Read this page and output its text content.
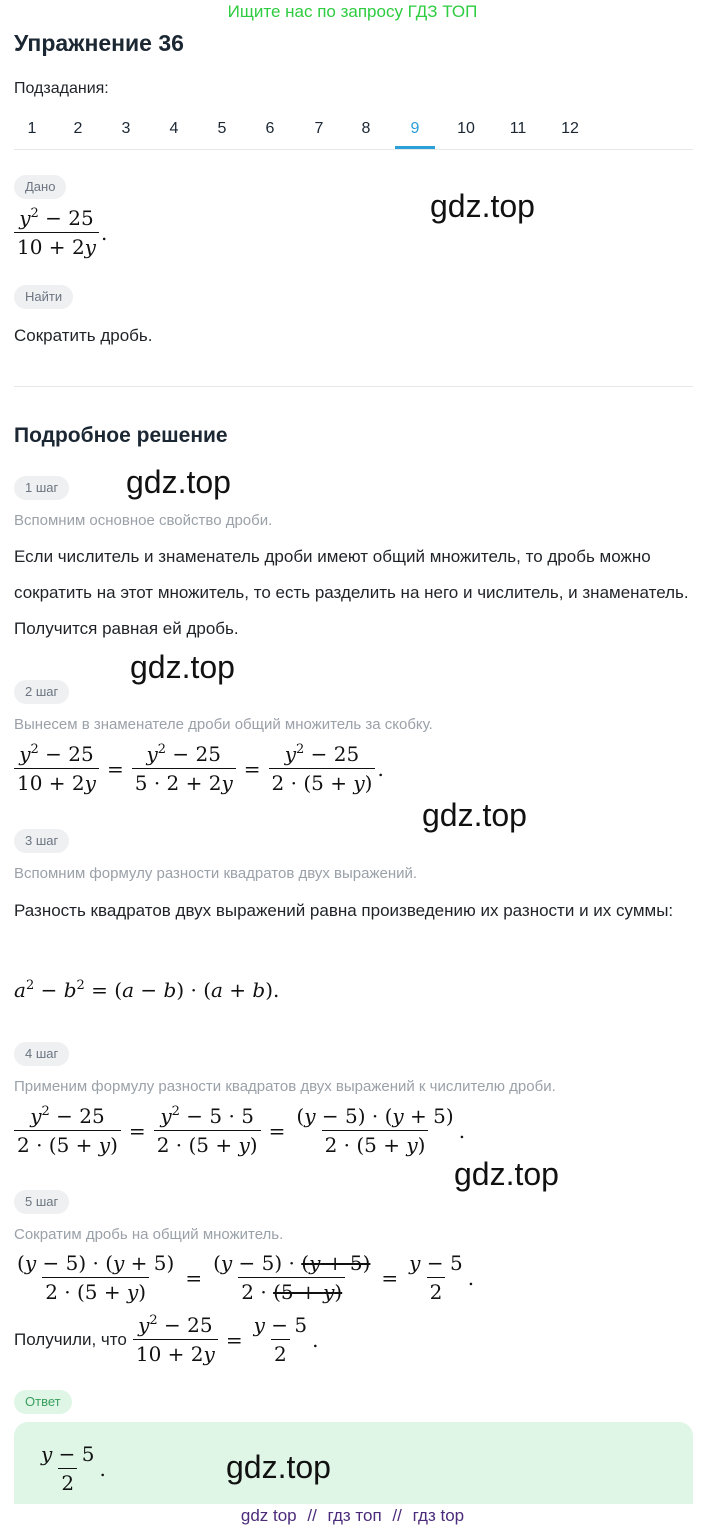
Ищите нас по запросу ГДЗ ТОП
Упражнение 36
Подзадания:
1 2 3 4 5 6	7 8	9 10 11 12
Дано
$\frac{y^2 - 25}{10 + 2y}$ .
gdz.top
Найти
Сократить дробь.
Подробное решение
1 шаг	gdz.top
Вспомним основное свойство дроби.
Если числитель и знаменатель дроби имеют общий множитель, то дробь можно сократить на этот множитель, то есть разделить на него и числитель, и знаменатель. Получится равная ей дробь.
gdz.top
2 шаг
Вынесем в знаменателе дроби общий множитель за скобку.
$\frac{y^2 - 25}{10 + 2y} = \frac{y^2 - 25}{5 \cdot 2 + 2y} = \frac{y^2 - 25}{2 \cdot (5 + y)}$ .
gdz.top
3 шаг
Вспомним формулу разности квадратов двух выражений.
Разность квадратов двух выражений равна произведению их разности и их суммы:
$a^2 - b^2 = (a - b) \cdot (a + b)$.
4 шаг
Применим формулу разности квадратов двух выражений к числителю дроби.
$\frac{y^2 - 25}{2 \cdot (5 + y)} = \frac{y^2 - 5 \cdot 5}{2 \cdot (5 + y)} = \frac{(y - 5) \cdot (y + 5)}{2 \cdot (5 + y)}$ .
gdz.top
5 шаг
Сократим дробь на общий множитель.
$\frac{(y - 5) \cdot (y + 5)}{2 \cdot (5 + y)} = \frac{(y - 5) \cdot (y + 5)}{2 \cdot (5 + y)} = \frac{y - 5}{2}$ .
Получили, что $\frac{y^2 - 25}{10 + 2y} = \frac{y - 5}{2}$ .
Ответ
$\frac{y - 5}{2}$ .	gdz.top
gdz top // гдз топ // гдз top
